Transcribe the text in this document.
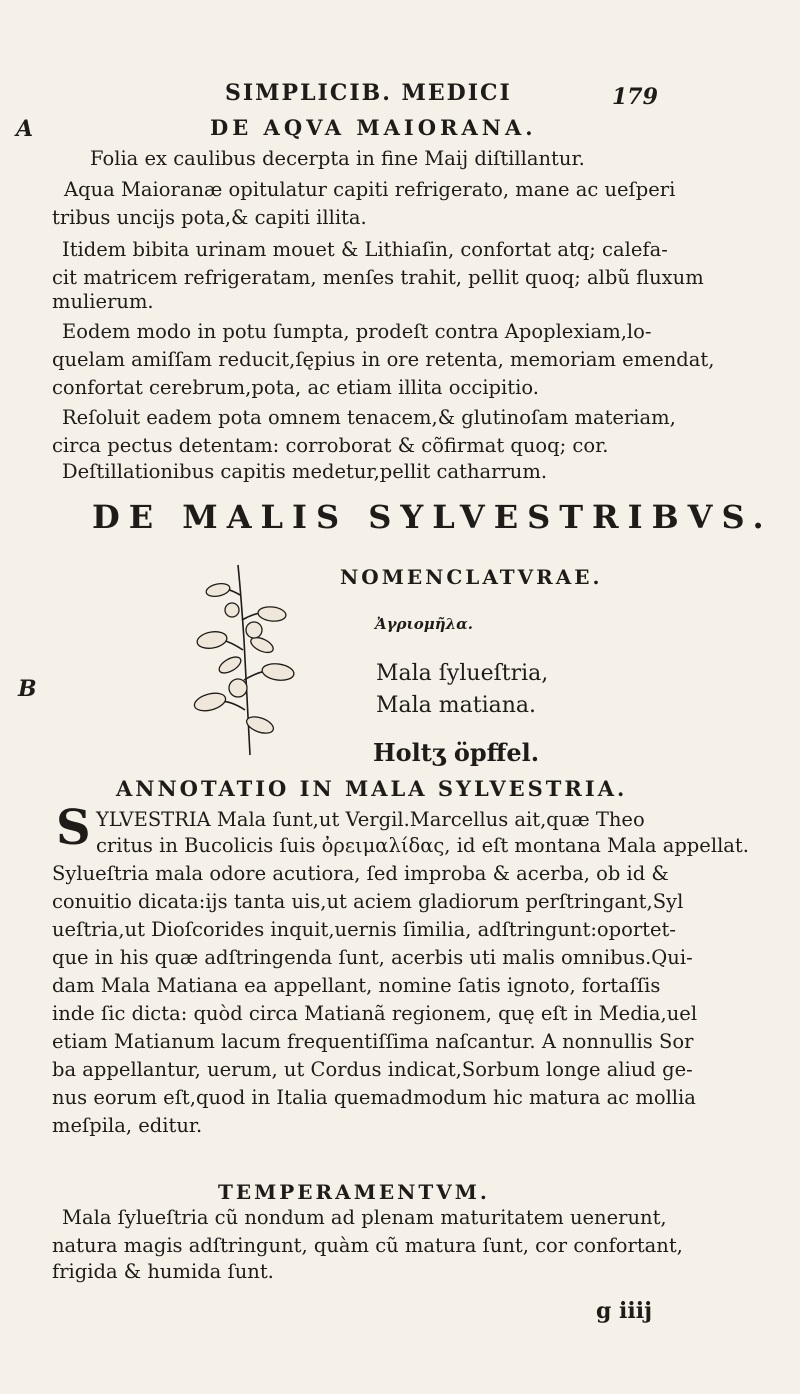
SIMPLICIB. MEDICI	179
A
B
DE AQVA MAIORANA.
Folia ex caulibus decerpta in fine Maij diſtillantur.
Aqua Maioranæ opitulatur capiti refrigerato, mane ac ueſperi
tribus uncijs pota,& capiti illita.
Itidem bibita urinam mouet & Lithiaſin, confortat atq; calefa-
cit matricem refrigeratam, menſes trahit, pellit quoq; albũ fluxum
mulierum.
Eodem modo in potu ſumpta, prodeſt contra Apoplexiam,lo-
quelam amiſſam reducit,ſępius in ore retenta, memoriam emendat,
confortat cerebrum,pota, ac etiam illita occipitio.
Reſoluit eadem pota omnem tenacem,& glutinoſam materiam,
circa pectus detentam: corroborat & cõfirmat quoq; cor.
Deſtillationibus capitis medetur,pellit catharrum.
DE MALIS SYLVESTRIBVS.
NOMENCLATVRAE.
Ἀγριομῆλα.
Mala ſylueſtria,
Mala matiana.
Holtʒ öpffel.
ANNOTATIO IN MALA SYLVESTRIA.
S YLVESTRIA Mala ſunt,ut Vergil.Marcellus ait,quæ Theo
critus in Bucolicis ſuis ὀρειμαλίδας, id eſt montana Mala appellat.
Sylueſtria mala odore acutiora, ſed improba & acerba, ob id &
conuitio dicata:ijs tanta uis,ut aciem gladiorum perſtringant,Syl
ueſtria,ut Dioſcorides inquit,uernis ſimilia, adſtringunt:oportet-
que in his quæ adſtringenda ſunt, acerbis uti malis omnibus.Qui-
dam Mala Matiana ea appellant, nomine ſatis ignoto, fortaſſis
inde ſic dicta: quòd circa Matianã regionem, quę eſt in Media,uel
etiam Matianum lacum frequentiſſima naſcantur. A nonnullis Sor
ba appellantur, uerum, ut Cordus indicat,Sorbum longe aliud ge-
nus eorum eſt,quod in Italia quemadmodum hic matura ac mollia
meſpila, editur.
TEMPERAMENTVM.
Mala ſylueſtria cũ nondum ad plenam maturitatem uenerunt,
natura magis adſtringunt, quàm cũ matura ſunt, cor confortant,
frigida & humida ſunt.
g iiij
